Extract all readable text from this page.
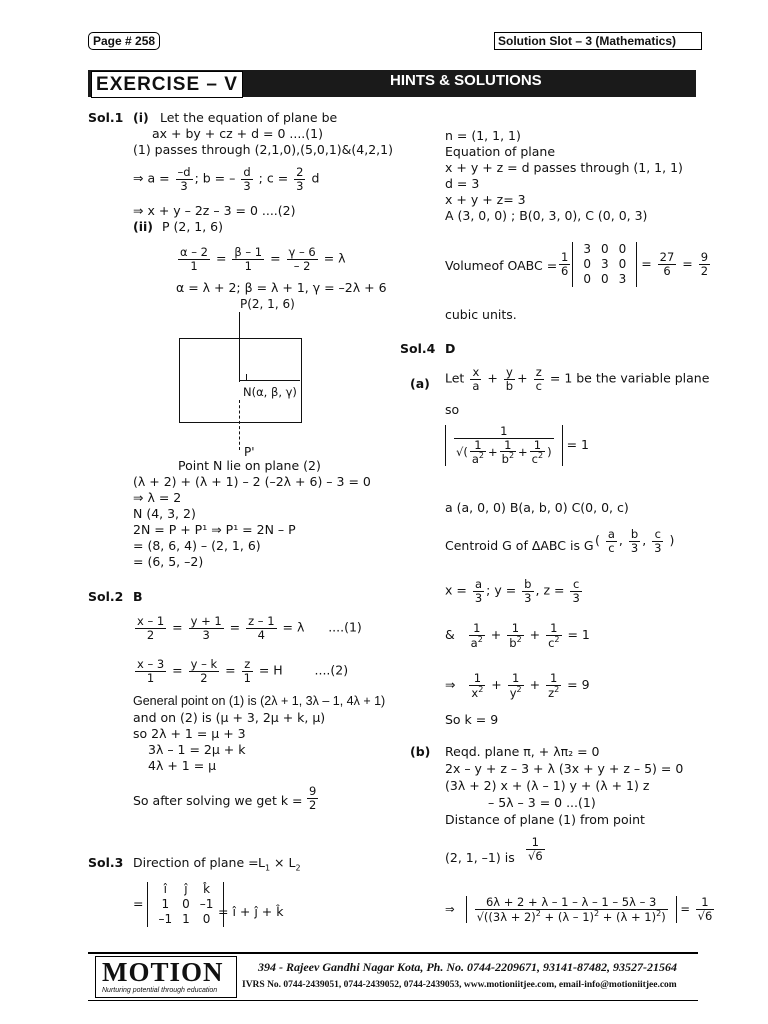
Page # 258	Solution Slot – 3 (Mathematics)
EXERCISE – V	HINTS & SOLUTIONS
Sol.1 (i) Let the equation of plane be
ax + by + cz + d = 0 ....(1)
(1) passes through (2,1,0),(5,0,1)&(4,2,1)
⇒ $a = \frac{-d}{3}$ ; b = – $\frac{d}{3}$ ; $c = \frac{2}{3}$ d
⇒ x + y – 2z – 3 = 0 ....(2)
(ii) P (2, 1, 6)
$\frac{\alpha - 2}{1} = \frac{\beta - 1}{1} = \frac{\gamma - 6}{- 2} = \lambda$
α = λ + 2; β = λ + 1, γ = –2λ + 6
P(2, 1, 6)
N(α, β, γ)
P'
Point N lie on plane (2)
(λ + 2) + (λ + 1) – 2 (–2λ + 6) – 3 = 0
⇒ λ = 2
N (4, 3, 2)
2N = P + P¹ ⇒ P¹ = 2N – P
= (8, 6, 4) – (2, 1, 6)
= (6, 5, –2)
Sol.2 B
$\frac{x - 1}{2} = \frac{y + 1}{3} = \frac{z - 1}{4} = \lambda$      ....(1)
$\frac{x - 3}{1} = \frac{y - k}{2} = \frac{z}{1} = H$        ....(2)
General point on (1) is (2λ + 1, 3λ – 1, 4λ + 1)
and on (2) is (μ + 3, 2μ + k, μ)
so 2λ + 1 = μ + 3
3λ – 1 = 2μ + k
4λ + 1 = μ
So after solving we get $k = \frac{9}{2}$
Sol.3 Direction of plane = $L_1 \times L_2$
=
î	ĵ	k̂
1	0	–1
–1	1	0 = î + ĵ + k̂
n = (1, 1, 1)
Equation of plane
x + y + z = d passes through (1, 1, 1)
d = 3
x + y + z= 3
A (3, 0, 0) ; B(0, 3, 0), C (0, 0, 3)
Volumeof OABC = $\frac{1}{6}$
3	0	0
0	3	0
0	0	3
= $\frac{27}{6} = \frac{9}{2}$
cubic units.
Sol.4 D
(a) Let $\frac{x}{a} + \frac{y}{b} + \frac{z}{c} = 1$ be the variable plane
so
$\frac{1}{√( \frac{1}{a^2} + \frac{1}{b^2} + \frac{1}{c^2} )} = 1$
a (a, 0, 0) B(a, b, 0) C(0, 0, c)
Centroid G of ΔABC is G ( $\frac{a}{c}$ , $\frac{b}{3}$ , $\frac{c}{3}$ )
$x = \frac{a}{3}$ ; $y = \frac{b}{3}$ , $z = \frac{c}{3}$
& $\frac{1}{a^2} + \frac{1}{b^2} + \frac{1}{c^2} = 1$
⇒ $\frac{1}{x^2} + \frac{1}{y^2} + \frac{1}{z^2} = 9$
So k = 9
(b) Reqd. plane π, + λπ₂ = 0
2x – y + z – 3 + λ (3x + y + z – 5) = 0
(3λ + 2) x + (λ – 1) y + (λ + 1) z
– 5λ – 3 = 0 ...(1)
Distance of plane (1) from point
(2, 1, –1) is $\frac{1}{√6}$
⇒ $\frac{6\lambda + 2 + \lambda - 1 - \lambda - 1 - 5\lambda - 3}{√((3\lambda + 2)^2 + (\lambda - 1)^2 + (\lambda + 1)^2)} = \frac{1}{√6}$
MOTION
Nurturing potential through education
394 - Rajeev Gandhi Nagar Kota, Ph. No. 0744-2209671, 93141-87482, 93527-21564
IVRS No. 0744-2439051, 0744-2439052, 0744-2439053, www.motioniitjee.com, email-info@motioniitjee.com
